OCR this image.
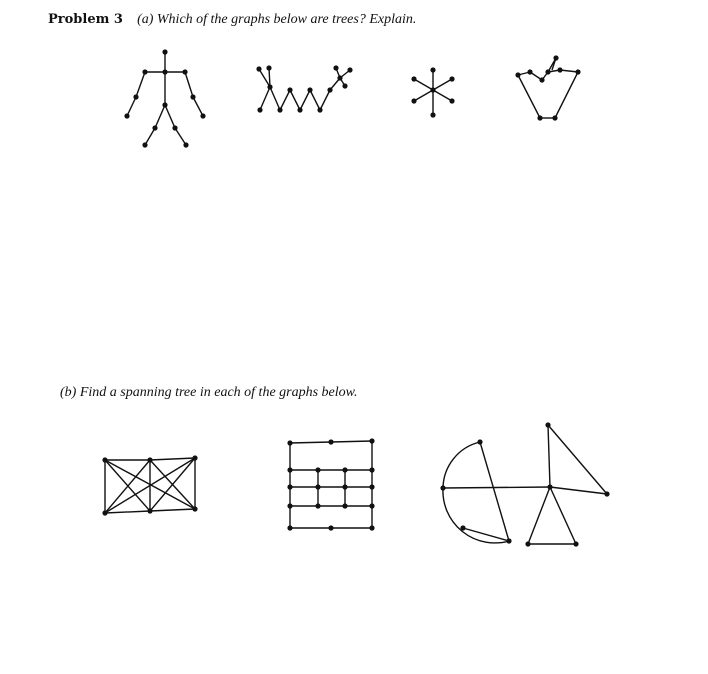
Problem 3 (a) Which of the graphs below are trees? Explain.
(b) Find a spanning tree in each of the graphs below.
